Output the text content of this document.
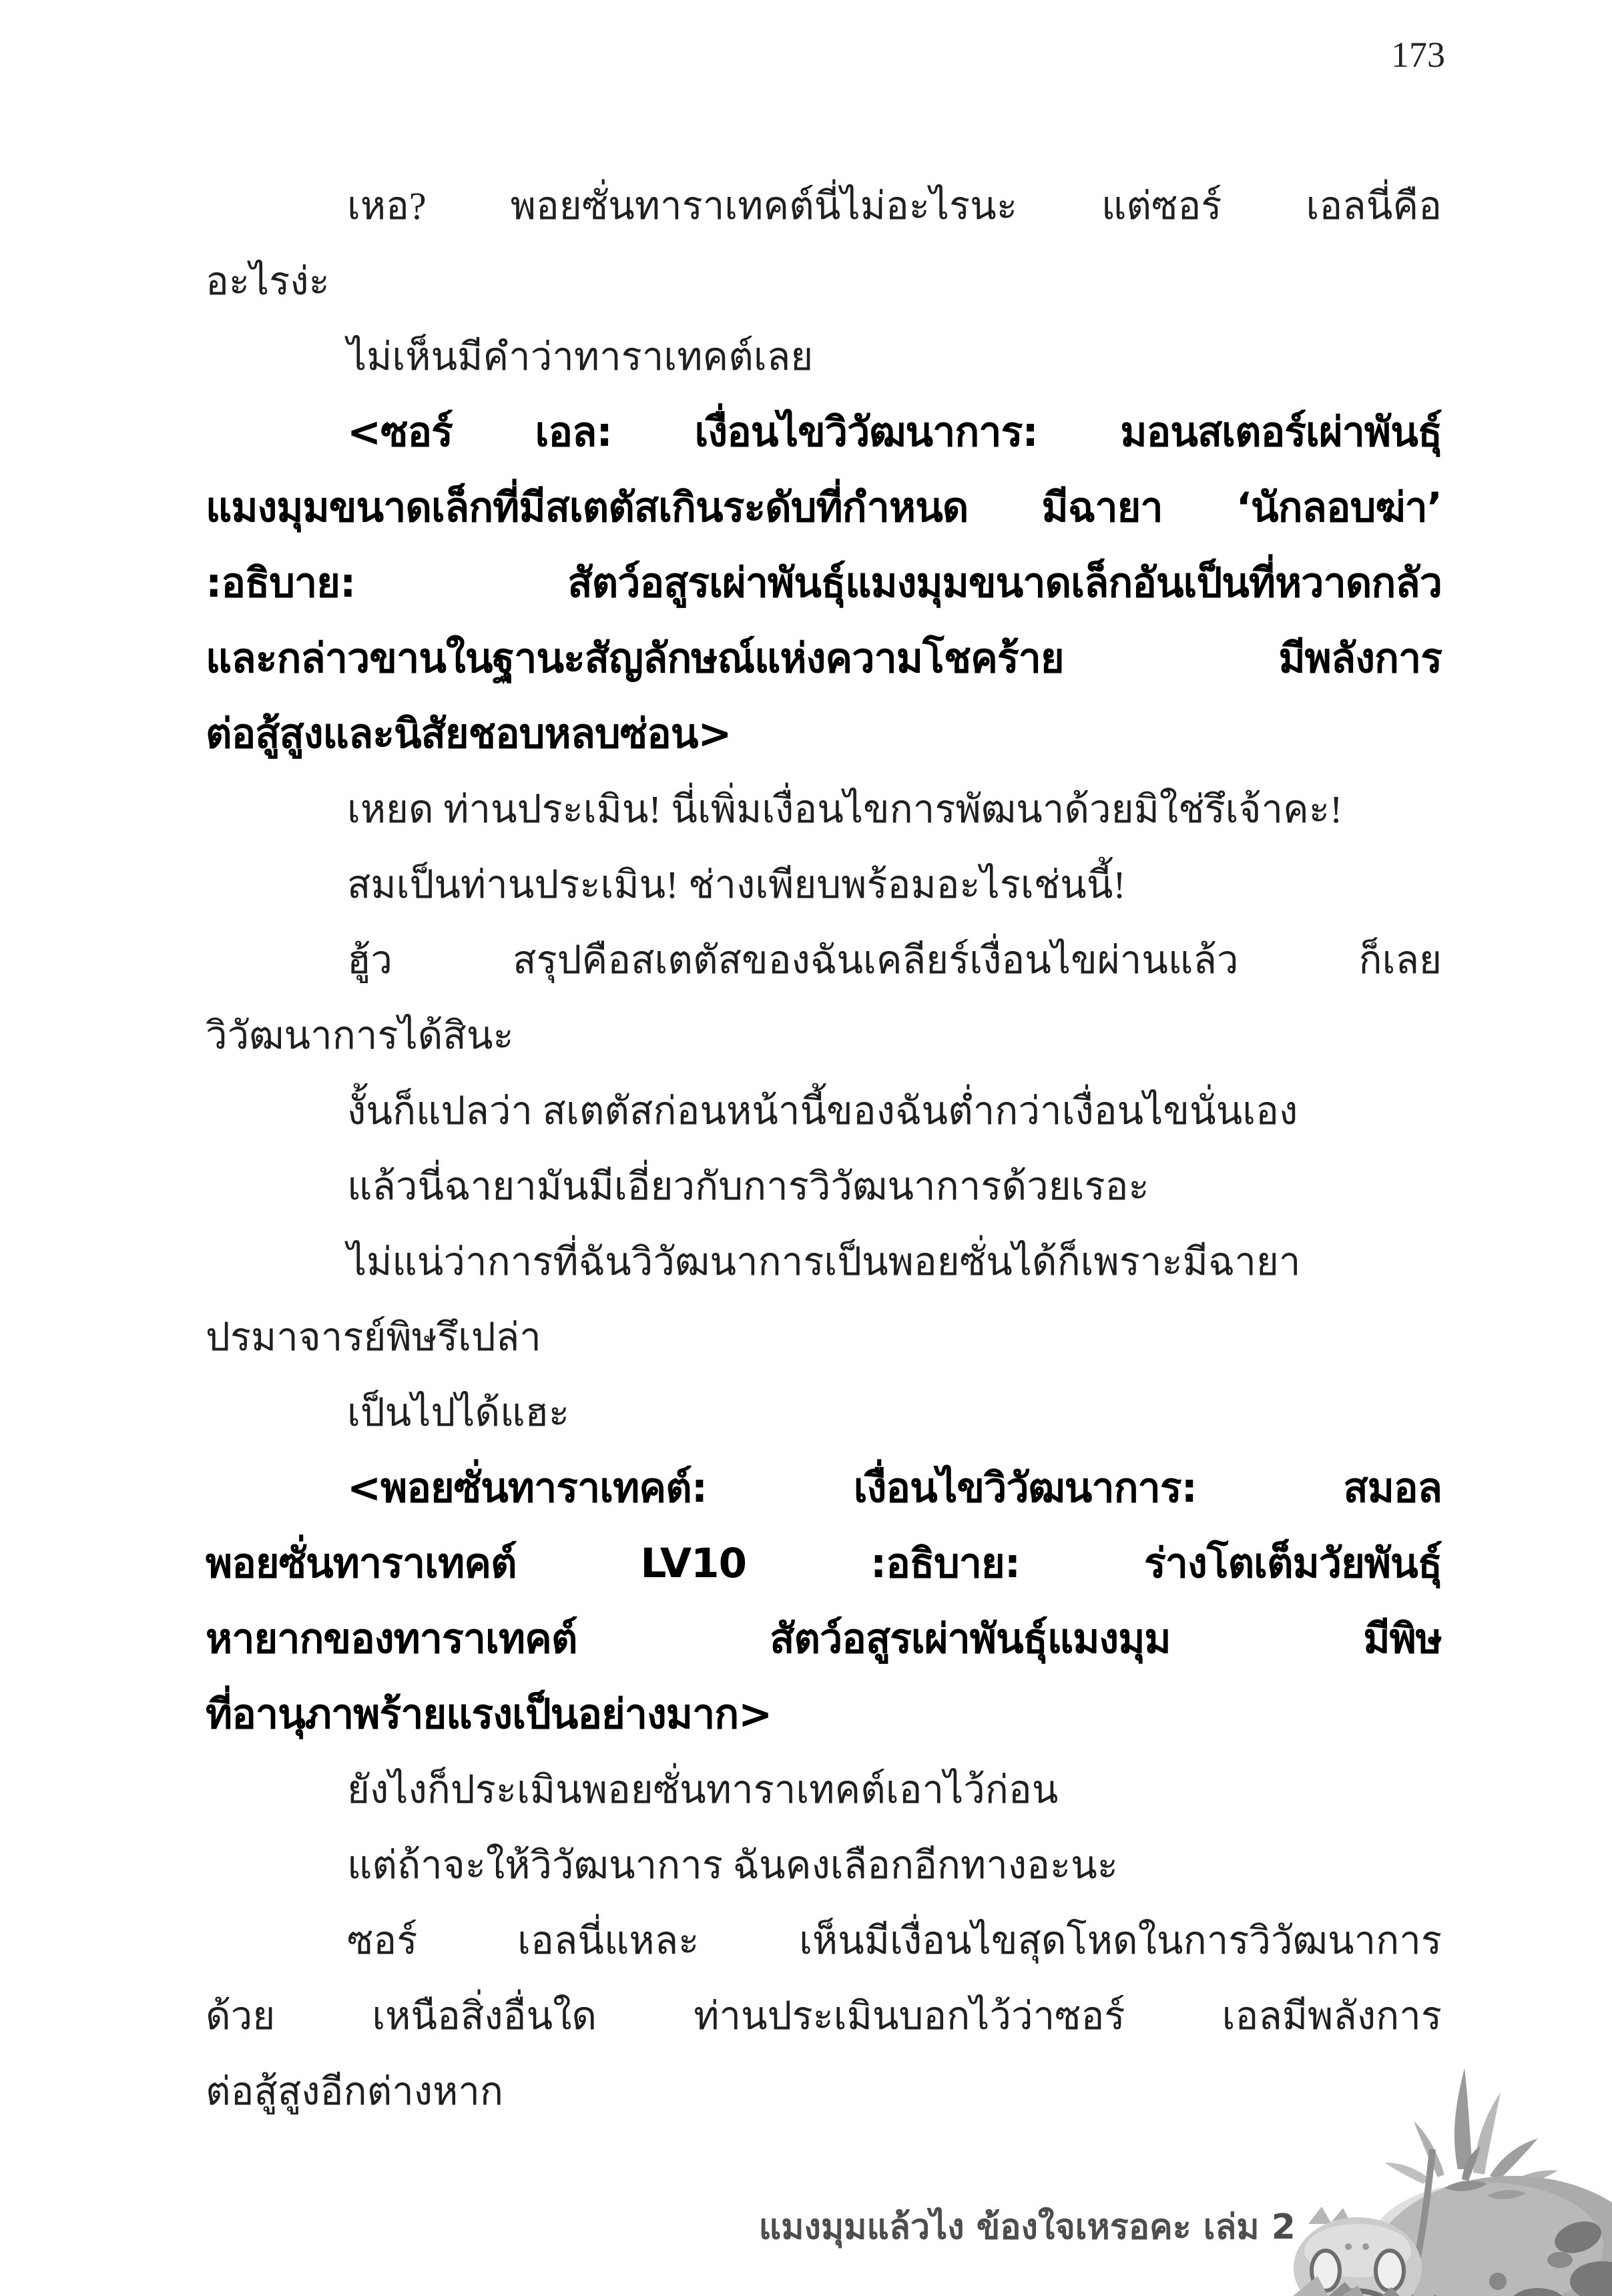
173
เหอ? พอยซั่นทาราเทคต์นี่ไม่อะไรนะ แต่ซอร์ เอลนี่คือ
อะไรง่ะ
ไม่เห็นมีคำว่าทาราเทคต์เลย
<ซอร์ เอล: เงื่อนไขวิวัฒนาการ: มอนสเตอร์เผ่าพันธุ์
แมงมุมขนาดเล็กที่มีสเตตัสเกินระดับที่กำหนด มีฉายา ‘นักลอบฆ่า’
:อธิบาย: สัตว์อสูรเผ่าพันธุ์แมงมุมขนาดเล็กอันเป็นที่หวาดกลัว
และกล่าวขานในฐานะสัญลักษณ์แห่งความโชคร้าย มีพลังการ
ต่อสู้สูงและนิสัยชอบหลบซ่อน>
เหยด ท่านประเมิน! นี่เพิ่มเงื่อนไขการพัฒนาด้วยมิใช่รึเจ้าคะ!
สมเป็นท่านประเมิน! ช่างเพียบพร้อมอะไรเช่นนี้!
ฮู้ว สรุปคือสเตตัสของฉันเคลียร์เงื่อนไขผ่านแล้ว ก็เลย
วิวัฒนาการได้สินะ
งั้นก็แปลว่า สเตตัสก่อนหน้านี้ของฉันต่ำกว่าเงื่อนไขนั่นเอง
แล้วนี่ฉายามันมีเอี่ยวกับการวิวัฒนาการด้วยเรอะ
ไม่แน่ว่าการที่ฉันวิวัฒนาการเป็นพอยซั่นได้ก็เพราะมีฉายา
ปรมาจารย์พิษรึเปล่า
เป็นไปได้แฮะ
<พอยซั่นทาราเทคต์: เงื่อนไขวิวัฒนาการ: สมอล
พอยซั่นทาราเทคต์ LV10 :อธิบาย: ร่างโตเต็มวัยพันธุ์
หายากของทาราเทคต์ สัตว์อสูรเผ่าพันธุ์แมงมุม มีพิษ
ที่อานุภาพร้ายแรงเป็นอย่างมาก>
ยังไงก็ประเมินพอยซั่นทาราเทคต์เอาไว้ก่อน
แต่ถ้าจะให้วิวัฒนาการ ฉันคงเลือกอีกทางอะนะ
ซอร์ เอลนี่แหละ เห็นมีเงื่อนไขสุดโหดในการวิวัฒนาการ
ด้วย เหนือสิ่งอื่นใด ท่านประเมินบอกไว้ว่าซอร์ เอลมีพลังการ
ต่อสู้สูงอีกต่างหาก
แมงมุมแล้วไง ข้องใจเหรอคะ เล่ม 2
